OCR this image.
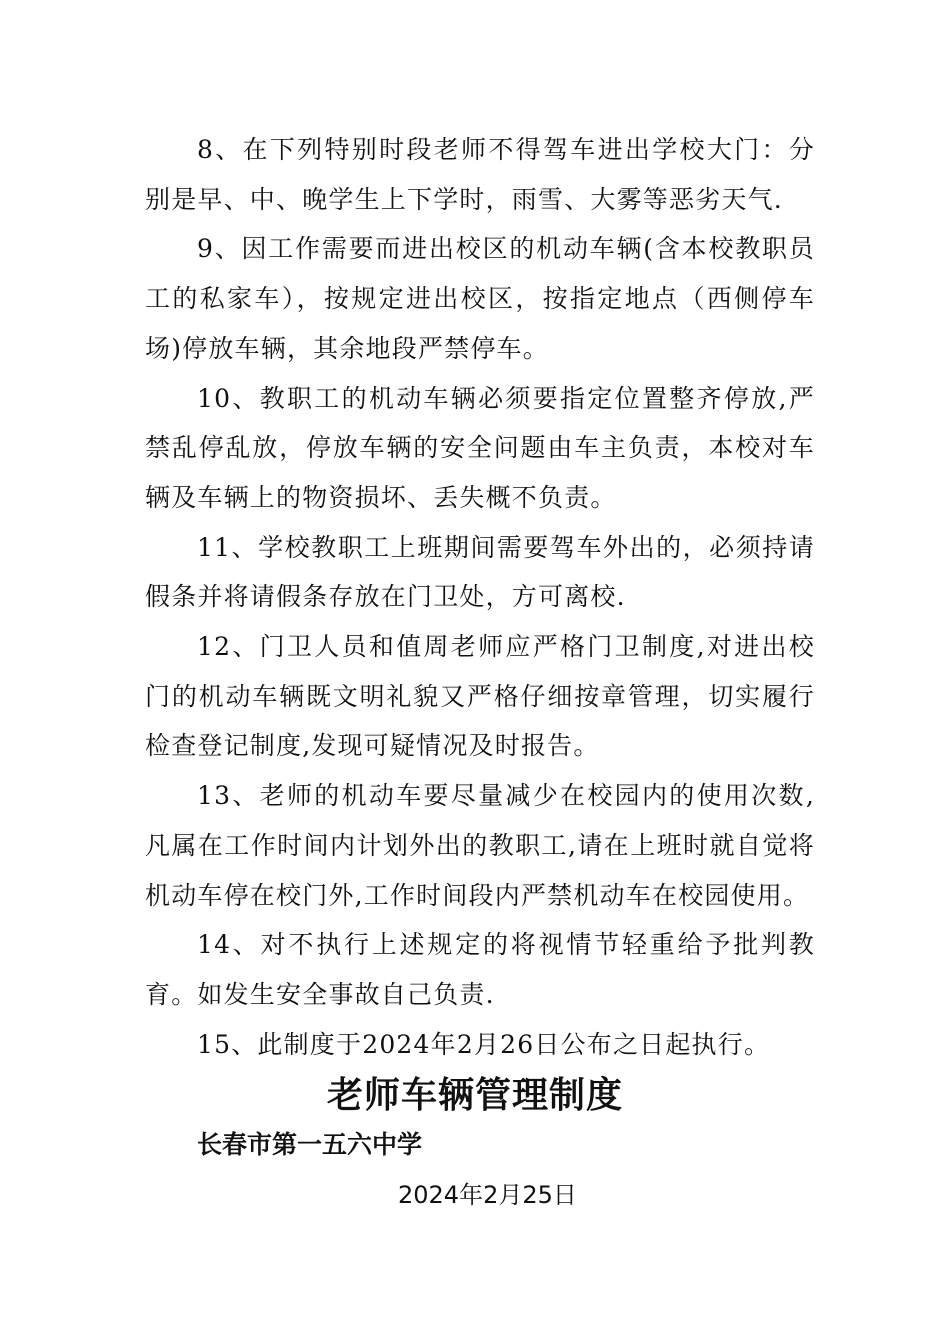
8、在下列特别时段老师不得驾车进出学校大门：分别是早、中、晚学生上下学时，雨雪、大雾等恶劣天气.

9、因工作需要而进出校区的机动车辆(含本校教职员工的私家车），按规定进出校区，按指定地点（西侧停车场)停放车辆，其余地段严禁停车。

10、教职工的机动车辆必须要指定位置整齐停放,严禁乱停乱放，停放车辆的安全问题由车主负责，本校对车辆及车辆上的物资损坏、丢失概不负责。

11、学校教职工上班期间需要驾车外出的，必须持请假条并将请假条存放在门卫处，方可离校.

12、门卫人员和值周老师应严格门卫制度,对进出校门的机动车辆既文明礼貌又严格仔细按章管理，切实履行检查登记制度,发现可疑情况及时报告。

13、老师的机动车要尽量减少在校园内的使用次数,凡属在工作时间内计划外出的教职工,请在上班时就自觉将机动车停在校门外,工作时间段内严禁机动车在校园使用。

14、对不执行上述规定的将视情节轻重给予批判教育。如发生安全事故自己负责.

15、此制度于2024年2月26日公布之日起执行。

老师车辆管理制度
长春市第一五六中学
2024年2月25日
